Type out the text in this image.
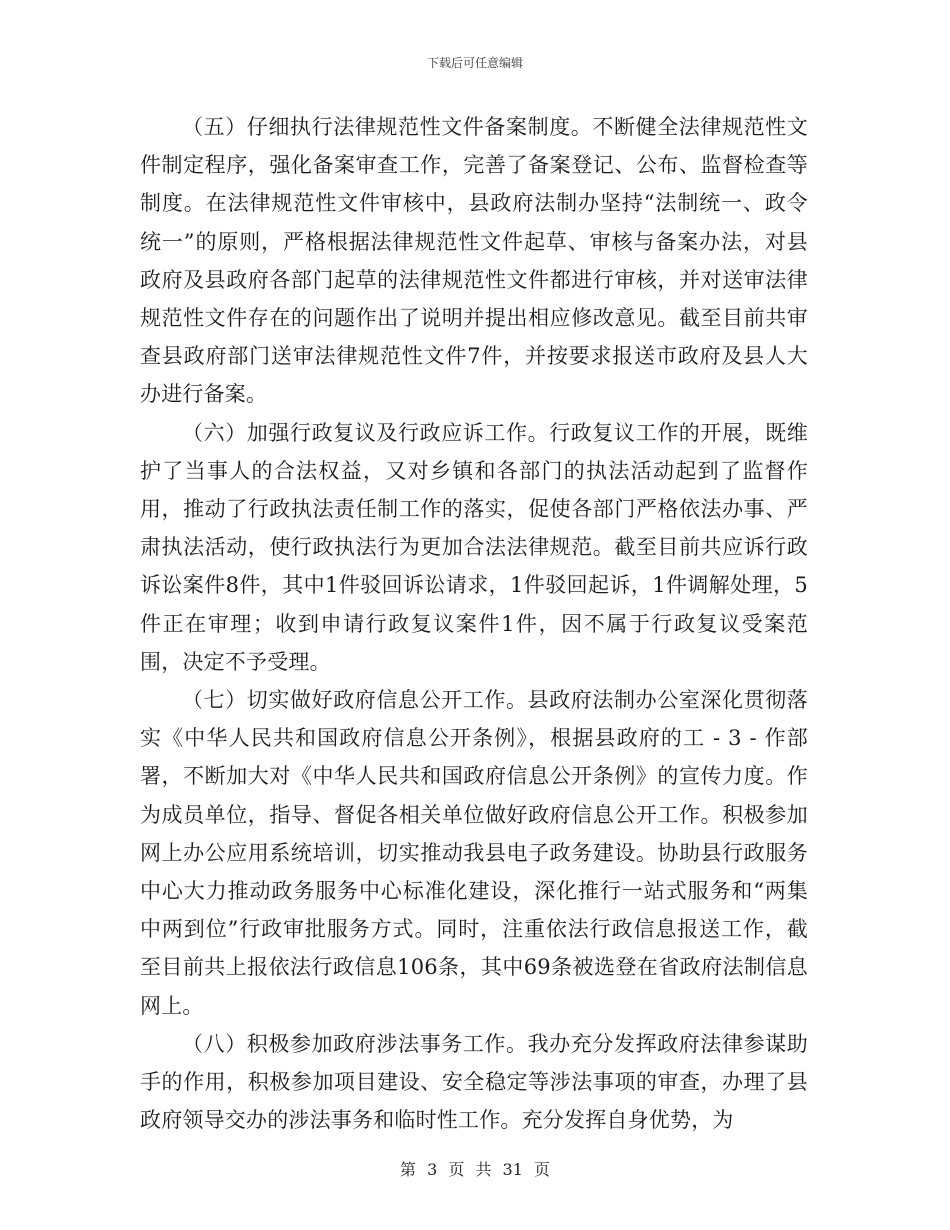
下载后可任意编辑

（五）仔细执行法律规范性文件备案制度。不断健全法律规范性文件制定程序，强化备案审查工作，完善了备案登记、公布、监督检查等制度。在法律规范性文件审核中，县政府法制办坚持“法制统一、政令统一”的原则，严格根据法律规范性文件起草、审核与备案办法，对县政府及县政府各部门起草的法律规范性文件都进行审核，并对送审法律规范性文件存在的问题作出了说明并提出相应修改意见。截至目前共审查县政府部门送审法律规范性文件7件，并按要求报送市政府及县人大办进行备案。

（六）加强行政复议及行政应诉工作。行政复议工作的开展，既维护了当事人的合法权益，又对乡镇和各部门的执法活动起到了监督作用，推动了行政执法责任制工作的落实，促使各部门严格依法办事、严肃执法活动，使行政执法行为更加合法法律规范。截至目前共应诉行政诉讼案件8件，其中1件驳回诉讼请求，1件驳回起诉，1件调解处理，5件正在审理；收到申请行政复议案件1件，因不属于行政复议受案范围，决定不予受理。

（七）切实做好政府信息公开工作。县政府法制办公室深化贯彻落实《中华人民共和国政府信息公开条例》，根据县政府的工 - 3 - 作部署，不断加大对《中华人民共和国政府信息公开条例》的宣传力度。作为成员单位，指导、督促各相关单位做好政府信息公开工作。积极参加网上办公应用系统培训，切实推动我县电子政务建设。协助县行政服务中心大力推动政务服务中心标准化建设，深化推行一站式服务和“两集中两到位”行政审批服务方式。同时，注重依法行政信息报送工作，截至目前共上报依法行政信息106条，其中69条被选登在省政府法制信息网上。

（八）积极参加政府涉法事务工作。我办充分发挥政府法律参谋助手的作用，积极参加项目建设、安全稳定等涉法事项的审查，办理了县政府领导交办的涉法事务和临时性工作。充分发挥自身优势，为

第 3 页 共 31 页
